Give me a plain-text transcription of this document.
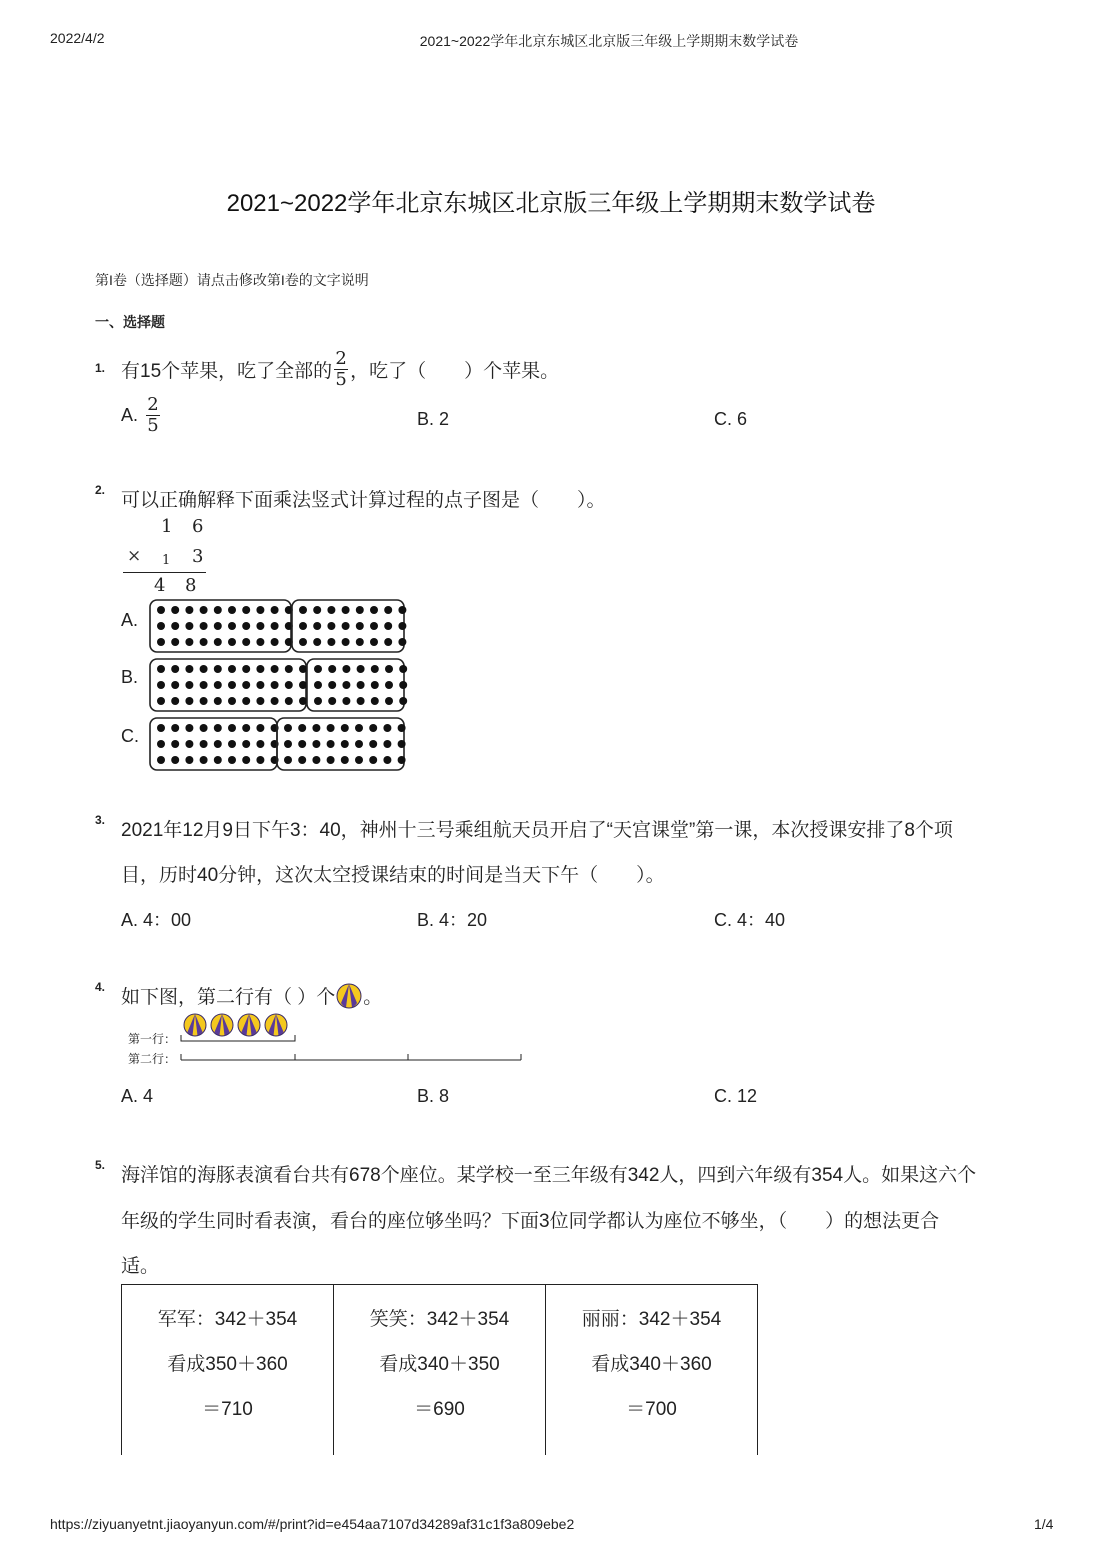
2022/4/2	2021~2022学年北京东城区北京版三年级上学期期末数学试卷
2021~2022学年北京东城区北京版三年级上学期期末数学试卷
第I卷（选择题）请点击修改第I卷的文字说明
一、选择题
1. 有15个苹果，吃了全部的 $\frac{2}{5}$ ，吃了（　　）个苹果。
A. $\frac{2}{5}$	B. 2	C. 6
2. 可以正确解释下面乘法竖式计算过程的点子图是（　　）。
1 6
× 1 3
4 8
A.
B.
C.
3. 2021年12月9日下午3：40，神州十三号乘组航天员开启了“天宫课堂”第一课，本次授课安排了8个项
目，历时40分钟，这次太空授课结束的时间是当天下午（　　）。
A. 4：00	B. 4：20	C. 4：40
4. 如下图，第二行有（ ）个 。
第一行：
第二行：
A. 4	B. 8	C. 12
5. 海洋馆的海豚表演看台共有678个座位。某学校一至三年级有342人，四到六年级有354人。如果这六个
年级的学生同时看表演，看台的座位够坐吗？下面3位同学都认为座位不够坐，（　　）的想法更合
适。
军军：342＋354
看成350＋360
＝710

笑笑：342＋354
看成340＋350
＝690

丽丽：342＋354
看成340＋360
＝700
https://ziyuanyetnt.jiaoyanyun.com/#/print?id=e454aa7107d34289af31c1f3a809ebe2	1/4
